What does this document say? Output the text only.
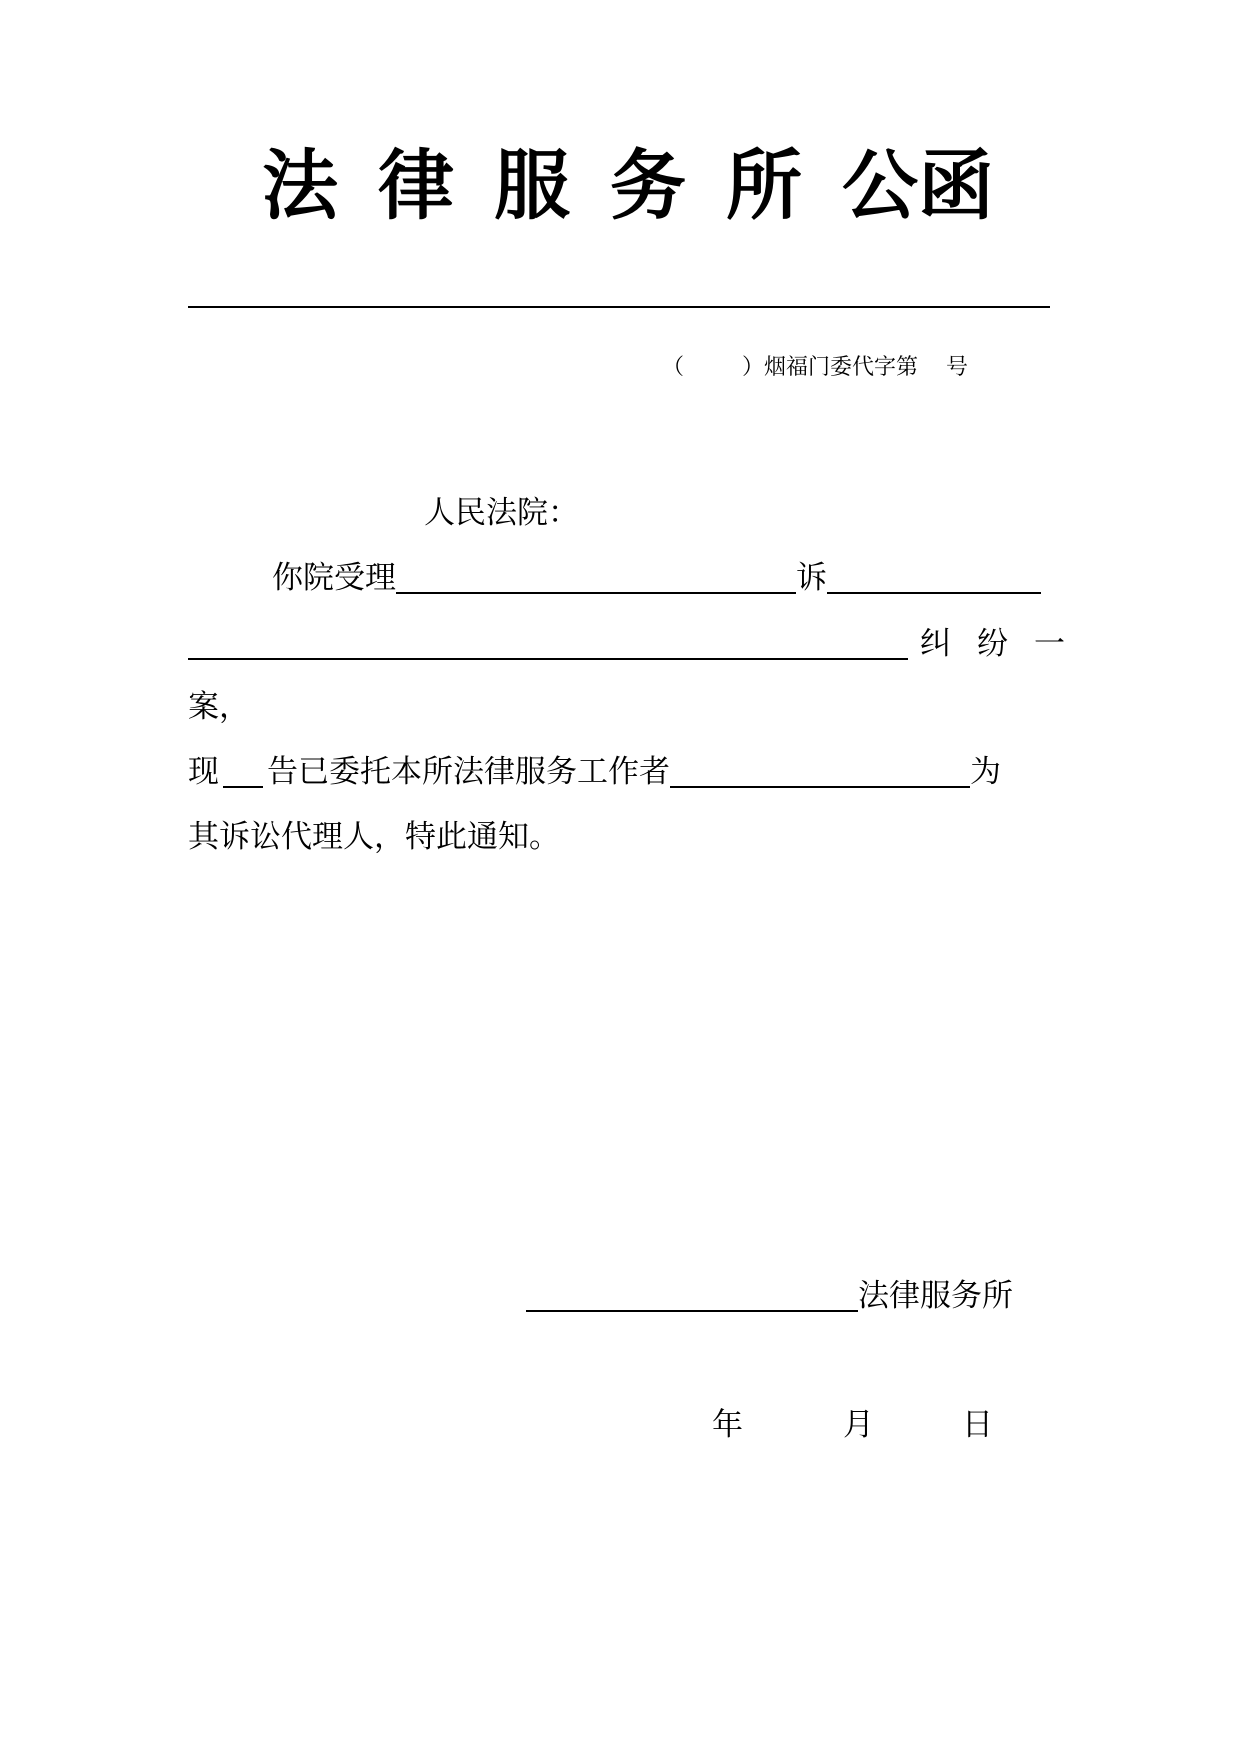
法 律 服 务 所 公函
（	）烟福门委代字第 号
人民法院：
你院受理	诉
纠纷一
案，
现 告已委托本所法律服务工作者	为
其诉讼代理人，特此通知。
法律服务所
年	月	日
